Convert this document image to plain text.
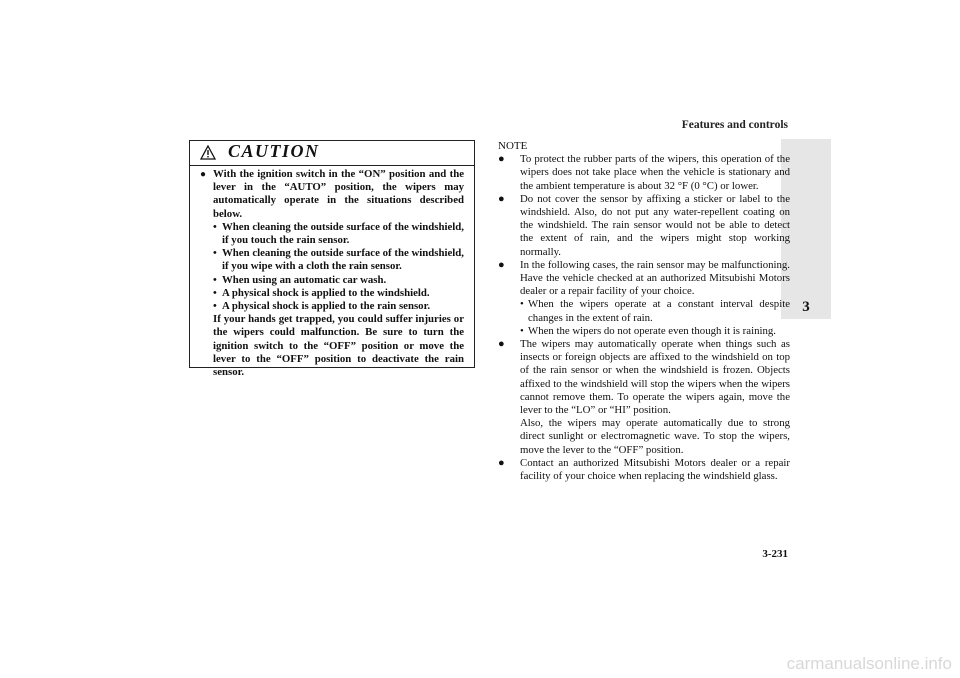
Features and controls
3
CAUTION
● With the ignition switch in the “ON” position and the lever in the “AUTO” position, the wipers may automatically operate in the situations described below.
• When cleaning the outside surface of the windshield, if you touch the rain sensor.
• When cleaning the outside surface of the windshield, if you wipe with a cloth the rain sensor.
• When using an automatic car wash.
• A physical shock is applied to the windshield.
• A physical shock is applied to the rain sensor.
If your hands get trapped, you could suffer injuries or the wipers could malfunction. Be sure to turn the ignition switch to the “OFF” position or move the lever to the “OFF” position to deactivate the rain sensor.
NOTE
●	To protect the rubber parts of the wipers, this operation of the wipers does not take place when the vehicle is stationary and the ambient temperature is about 32 °F (0 °C) or lower.
●	Do not cover the sensor by affixing a sticker or label to the windshield. Also, do not put any water-repellent coating on the windshield. The rain sensor would not be able to detect the extent of rain, and the wipers might stop working normally.
●	In the following cases, the rain sensor may be malfunctioning. Have the vehicle checked at an authorized Mitsubishi Motors dealer or a repair facility of your choice.
• When the wipers operate at a constant interval despite changes in the extent of rain.
• When the wipers do not operate even though it is raining.
●	The wipers may automatically operate when things such as insects or foreign objects are affixed to the windshield on top of the rain sensor or when the windshield is frozen. Objects affixed to the windshield will stop the wipers when the wipers cannot remove them. To operate the wipers again, move the lever to the “LO” or “HI” position.
Also, the wipers may operate automatically due to strong direct sunlight or electromagnetic wave. To stop the wipers, move the lever to the “OFF” position.
●	Contact an authorized Mitsubishi Motors dealer or a repair facility of your choice when replacing the windshield glass.
3-231
carmanualsonline.info
